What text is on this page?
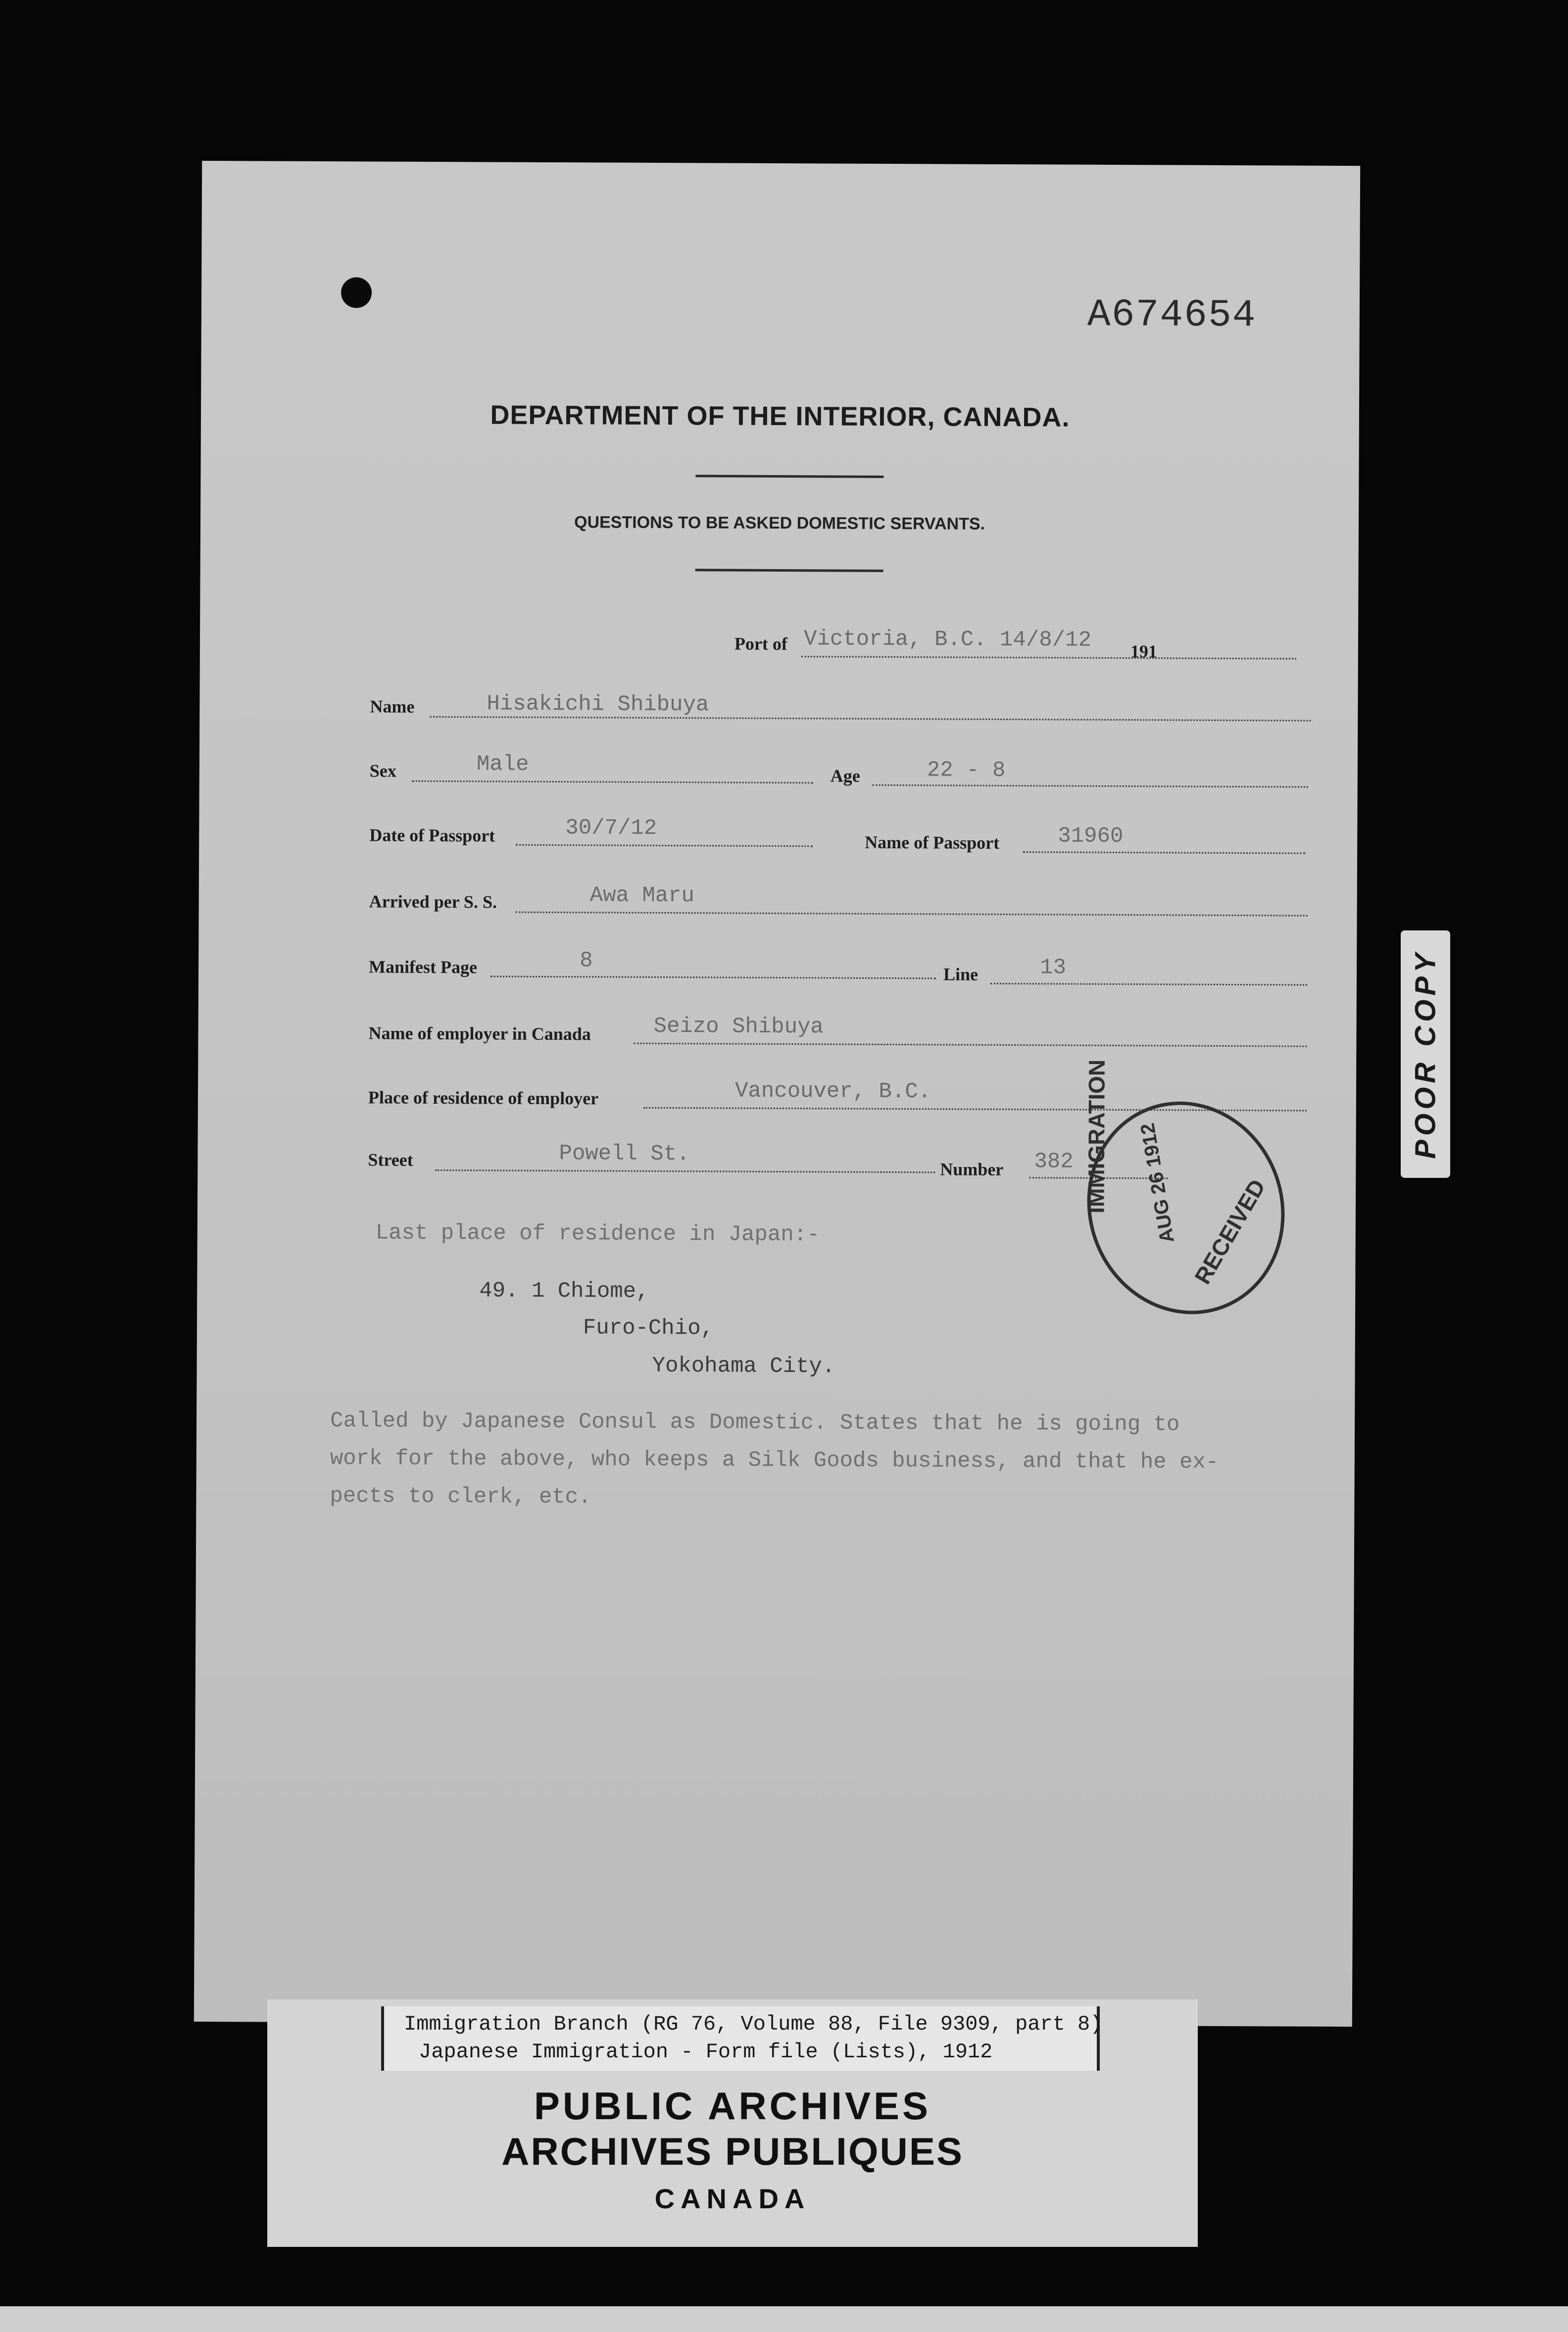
A674654
DEPARTMENT OF THE INTERIOR, CANADA.
QUESTIONS TO BE ASKED DOMESTIC SERVANTS.
Port of Victoria, B.C. 14/8/12 191
Name	Hisakichi Shibuya
Sex	Male	Age	22 - 8
Date of Passport	30/7/12
Name of Passport	31960
Arrived per S. S.	Awa Maru
Manifest Page	8
Line	13
Name of employer in Canada	Seizo Shibuya
Place of residence of employer	Vancouver, B.C.
Street	Powell St.
Number 382
Last place of residence in Japan:-
49. 1 Chiome,
Furo-Chio,
Yokohama City.
Called by Japanese Consul as Domestic. States that he is going to
work for the above, who keeps a Silk Goods business, and that he ex-
pects to clerk, etc.
IMMIGRATION AUG 26 1912 RECEIVED
POOR COPY
Immigration Branch (RG 76, Volume 88, File 9309, part 8)
Japanese Immigration - Form file (Lists), 1912
PUBLIC ARCHIVES
ARCHIVES PUBLIQUES
CANADA
